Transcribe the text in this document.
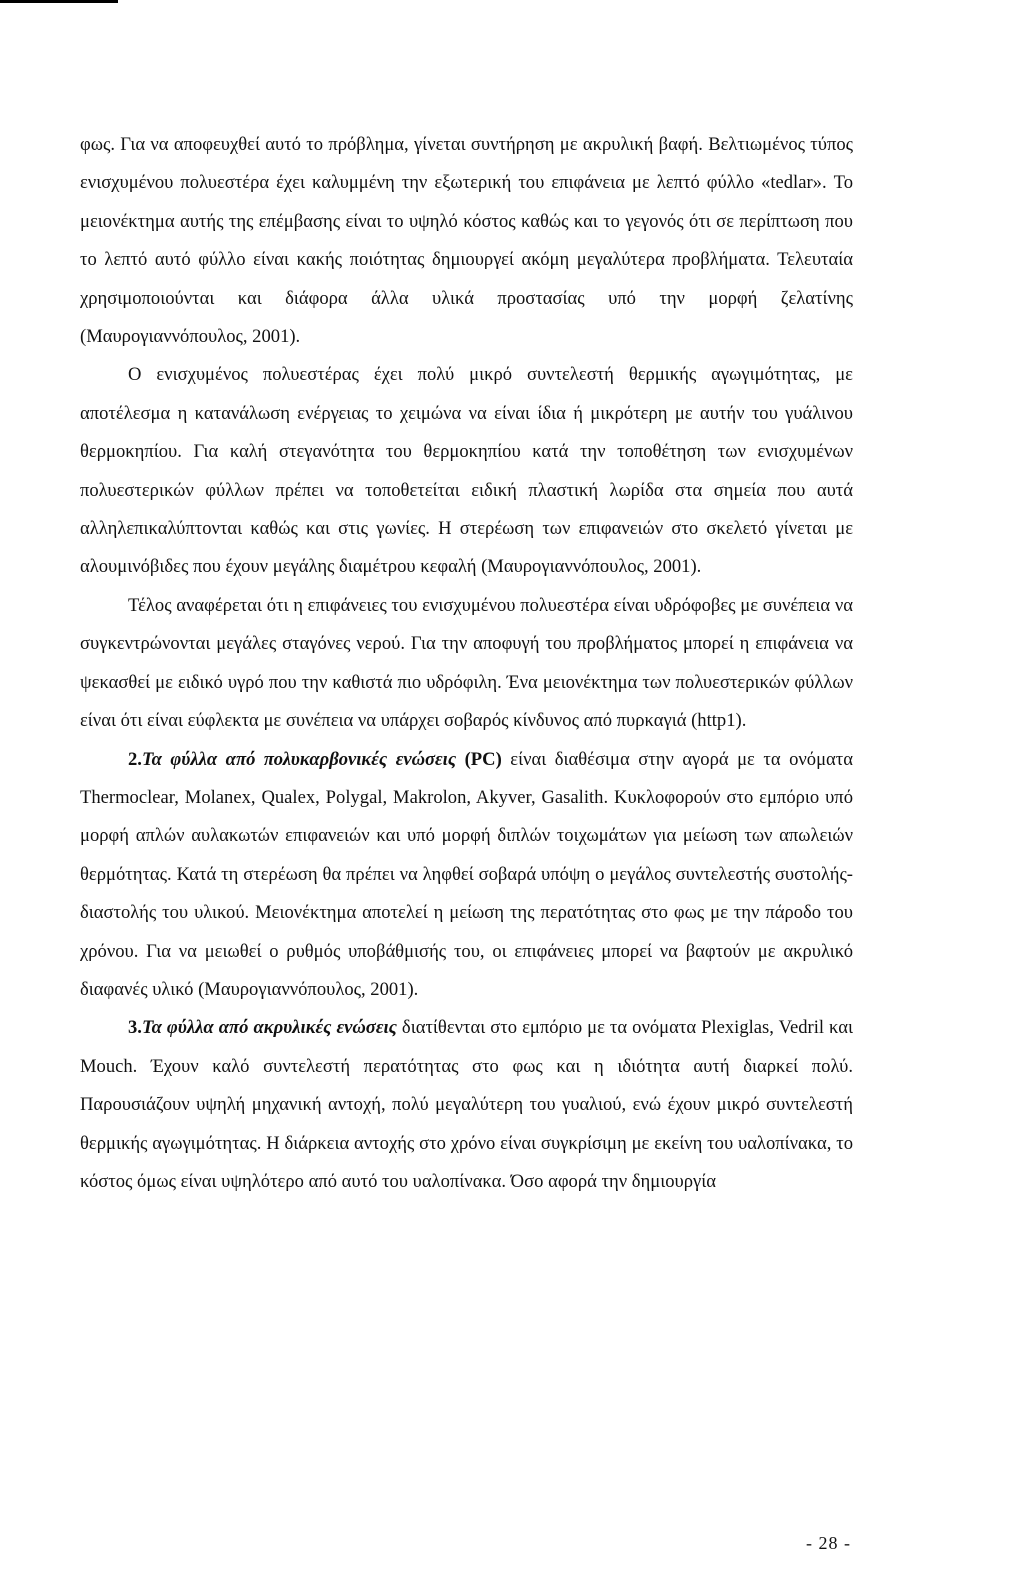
φως. Για να αποφευχθεί αυτό το πρόβλημα, γίνεται συντήρηση με ακρυλική βαφή. Βελτιωμένος τύπος ενισχυμένου πολυεστέρα έχει καλυμμένη την εξωτερική του επιφάνεια με λεπτό φύλλο «tedlar». Το μειονέκτημα αυτής της επέμβασης είναι το υψηλό κόστος καθώς και το γεγονός ότι σε περίπτωση που το λεπτό αυτό φύλλο είναι κακής ποιότητας δημιουργεί ακόμη μεγαλύτερα προβλήματα. Τελευταία χρησιμοποιούνται και διάφορα άλλα υλικά προστασίας υπό την μορφή ζελατίνης (Μαυρογιαννόπουλος, 2001).

Ο ενισχυμένος πολυεστέρας έχει πολύ μικρό συντελεστή θερμικής αγωγιμότητας, με αποτέλεσμα η κατανάλωση ενέργειας το χειμώνα να είναι ίδια ή μικρότερη με αυτήν του γυάλινου θερμοκηπίου. Για καλή στεγανότητα του θερμοκηπίου κατά την τοποθέτηση των ενισχυμένων πολυεστερικών φύλλων πρέπει να τοποθετείται ειδική πλαστική λωρίδα στα σημεία που αυτά αλληλεπικαλύπτονται καθώς και στις γωνίες. Η στερέωση των επιφανειών στο σκελετό γίνεται με αλουμινόβιδες που έχουν μεγάλης διαμέτρου κεφαλή (Μαυρογιαννόπουλος, 2001).

Τέλος αναφέρεται ότι η επιφάνειες του ενισχυμένου πολυεστέρα είναι υδρόφοβες με συνέπεια να συγκεντρώνονται μεγάλες σταγόνες νερού. Για την αποφυγή του προβλήματος μπορεί η επιφάνεια να ψεκασθεί με ειδικό υγρό που την καθιστά πιο υδρόφιλη. Ένα μειονέκτημα των πολυεστερικών φύλλων είναι ότι είναι εύφλεκτα με συνέπεια να υπάρχει σοβαρός κίνδυνος από πυρκαγιά (http1).

2.Τα φύλλα από πολυκαρβονικές ενώσεις (PC) είναι διαθέσιμα στην αγορά με τα ονόματα Thermoclear, Molanex, Qualex, Polygal, Makrolon, Akyver, Gasalith. Κυκλοφορούν στο εμπόριο υπό μορφή απλών αυλακωτών επιφανειών και υπό μορφή διπλών τοιχωμάτων για μείωση των απωλειών θερμότητας. Κατά τη στερέωση θα πρέπει να ληφθεί σοβαρά υπόψη ο μεγάλος συντελεστής συστολής-διαστολής του υλικού. Μειονέκτημα αποτελεί η μείωση της περατότητας στο φως με την πάροδο του χρόνου. Για να μειωθεί ο ρυθμός υποβάθμισής του, οι επιφάνειες μπορεί να βαφτούν με ακρυλικό διαφανές υλικό (Μαυρογιαννόπουλος, 2001).

3.Τα φύλλα από ακρυλικές ενώσεις διατίθενται στο εμπόριο με τα ονόματα Plexiglas, Vedril και Mouch. Έχουν καλό συντελεστή περατότητας στο φως και η ιδιότητα αυτή διαρκεί πολύ. Παρουσιάζουν υψηλή μηχανική αντοχή, πολύ μεγαλύτερη του γυαλιού, ενώ έχουν μικρό συντελεστή θερμικής αγωγιμότητας. Η διάρκεια αντοχής στο χρόνο είναι συγκρίσιμη με εκείνη του υαλοπίνακα, το κόστος όμως είναι υψηλότερο από αυτό του υαλοπίνακα. Όσο αφορά την δημιουργία

- 28 -
